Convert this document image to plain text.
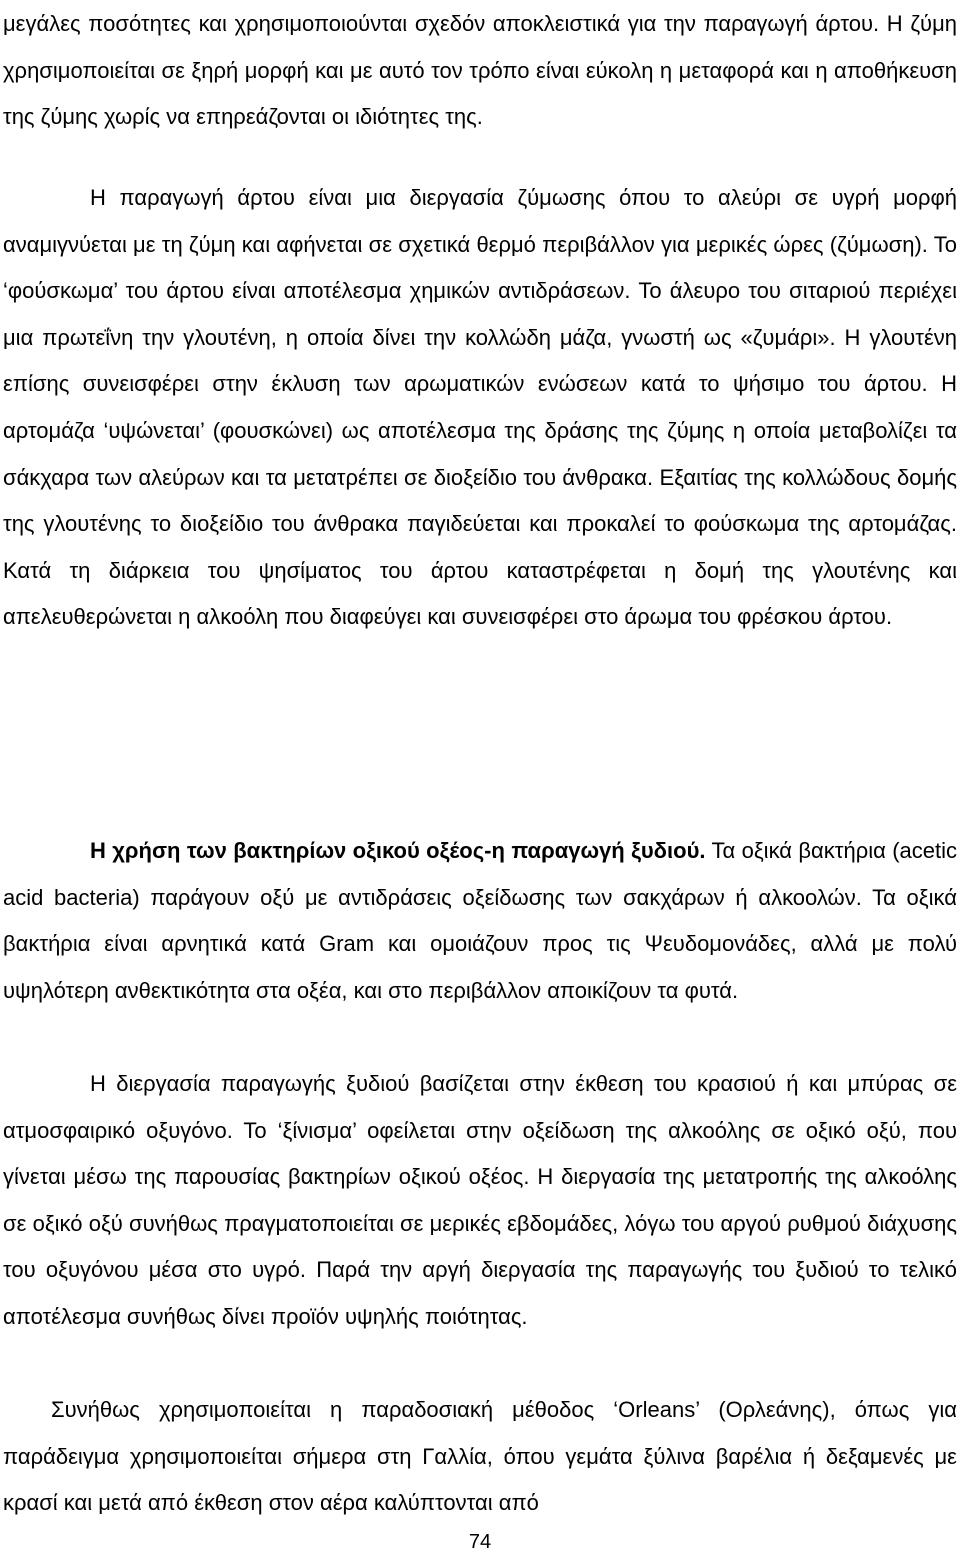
μεγάλες ποσότητες και χρησιμοποιούνται σχεδόν αποκλειστικά για την παραγωγή άρτου. Η ζύμη χρησιμοποιείται σε ξηρή μορφή και με αυτό τον τρόπο είναι εύκολη η μεταφορά και η αποθήκευση της ζύμης χωρίς να επηρεάζονται οι ιδιότητες της.

Η παραγωγή άρτου είναι μια διεργασία ζύμωσης όπου το αλεύρι σε υγρή μορφή αναμιγνύεται με τη ζύμη και αφήνεται σε σχετικά θερμό περιβάλλον για μερικές ώρες (ζύμωση). Το ‘φούσκωμα’ του άρτου είναι αποτέλεσμα χημικών αντιδράσεων. Το άλευρο του σιταριού περιέχει μια πρωτεΐνη την γλουτένη, η οποία δίνει την κολλώδη μάζα, γνωστή ως «ζυμάρι». Η γλουτένη επίσης συνεισφέρει στην έκλυση των αρωματικών ενώσεων κατά το ψήσιμο του άρτου. Η αρτομάζα ‘υψώνεται’ (φουσκώνει) ως αποτέλεσμα της δράσης της ζύμης η οποία μεταβολίζει τα σάκχαρα των αλεύρων και τα μετατρέπει σε διοξείδιο του άνθρακα. Εξαιτίας της κολλώδους δομής της γλουτένης το διοξείδιο του άνθρακα παγιδεύεται και προκαλεί το φούσκωμα της αρτομάζας. Κατά τη διάρκεια του ψησίματος του άρτου καταστρέφεται η δομή της γλουτένης και απελευθερώνεται η αλκοόλη που διαφεύγει και συνεισφέρει στο άρωμα του φρέσκου άρτου.

Η χρήση των βακτηρίων οξικού οξέος-η παραγωγή ξυδιού. Τα οξικά βακτήρια (acetic acid bacteria) παράγουν οξύ με αντιδράσεις οξείδωσης των σακχάρων ή αλκοολών. Τα οξικά βακτήρια είναι αρνητικά κατά Gram και ομοιάζουν προς τις Ψευδομονάδες, αλλά με πολύ υψηλότερη ανθεκτικότητα στα οξέα, και στο περιβάλλον αποικίζουν τα φυτά.

Η διεργασία παραγωγής ξυδιού βασίζεται στην έκθεση του κρασιού ή και μπύρας σε ατμοσφαιρικό οξυγόνο. Το ‘ξίνισμα’ οφείλεται στην οξείδωση της αλκοόλης σε οξικό οξύ, που γίνεται μέσω της παρουσίας βακτηρίων οξικού οξέος. Η διεργασία της μετατροπής της αλκοόλης σε οξικό οξύ συνήθως πραγματοποιείται σε μερικές εβδομάδες, λόγω του αργού ρυθμού διάχυσης του οξυγόνου μέσα στο υγρό. Παρά την αργή διεργασία της παραγωγής του ξυδιού το τελικό αποτέλεσμα συνήθως δίνει προϊόν υψηλής ποιότητας.

Συνήθως χρησιμοποιείται η παραδοσιακή μέθοδος ‘Orleans’ (Ορλεάνης), όπως για παράδειγμα χρησιμοποιείται σήμερα στη Γαλλία, όπου γεμάτα ξύλινα βαρέλια ή δεξαμενές με κρασί και μετά από έκθεση στον αέρα καλύπτονται από

74
